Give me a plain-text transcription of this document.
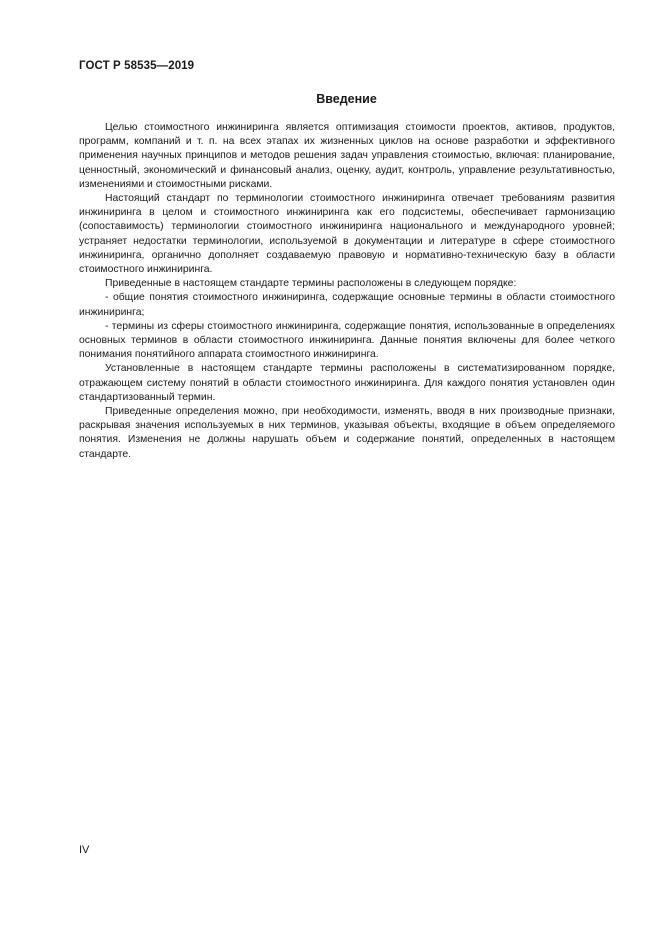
ГОСТ Р 58535—2019
Введение

Целью стоимостного инжиниринга является оптимизация стоимости проектов, активов, продуктов, программ, компаний и т. п. на всех этапах их жизненных циклов на основе разработки и эффективного применения научных принципов и методов решения задач управления стоимостью, включая: планирование, ценностный, экономический и финансовый анализ, оценку, аудит, контроль, управление результативностью, изменениями и стоимостными рисками.

Настоящий стандарт по терминологии стоимостного инжиниринга отвечает требованиям развития инжиниринга в целом и стоимостного инжиниринга как его подсистемы, обеспечивает гармонизацию (сопоставимость) терминологии стоимостного инжиниринга национального и международного уровней; устраняет недостатки терминологии, используемой в документации и литературе в сфере стоимостного инжиниринга, органично дополняет создаваемую правовую и нормативно-техническую базу в области стоимостного инжиниринга.

Приведенные в настоящем стандарте термины расположены в следующем порядке:

- общие понятия стоимостного инжиниринга, содержащие основные термины в области стоимостного инжиниринга;

- термины из сферы стоимостного инжиниринга, содержащие понятия, использованные в определениях основных терминов в области стоимостного инжиниринга. Данные понятия включены для более четкого понимания понятийного аппарата стоимостного инжиниринга.

Установленные в настоящем стандарте термины расположены в систематизированном порядке, отражающем систему понятий в области стоимостного инжиниринга. Для каждого понятия установлен один стандартизованный термин.

Приведенные определения можно, при необходимости, изменять, вводя в них производные признаки, раскрывая значения используемых в них терминов, указывая объекты, входящие в объем определяемого понятия. Изменения не должны нарушать объем и содержание понятий, определенных в настоящем стандарте.

IV
